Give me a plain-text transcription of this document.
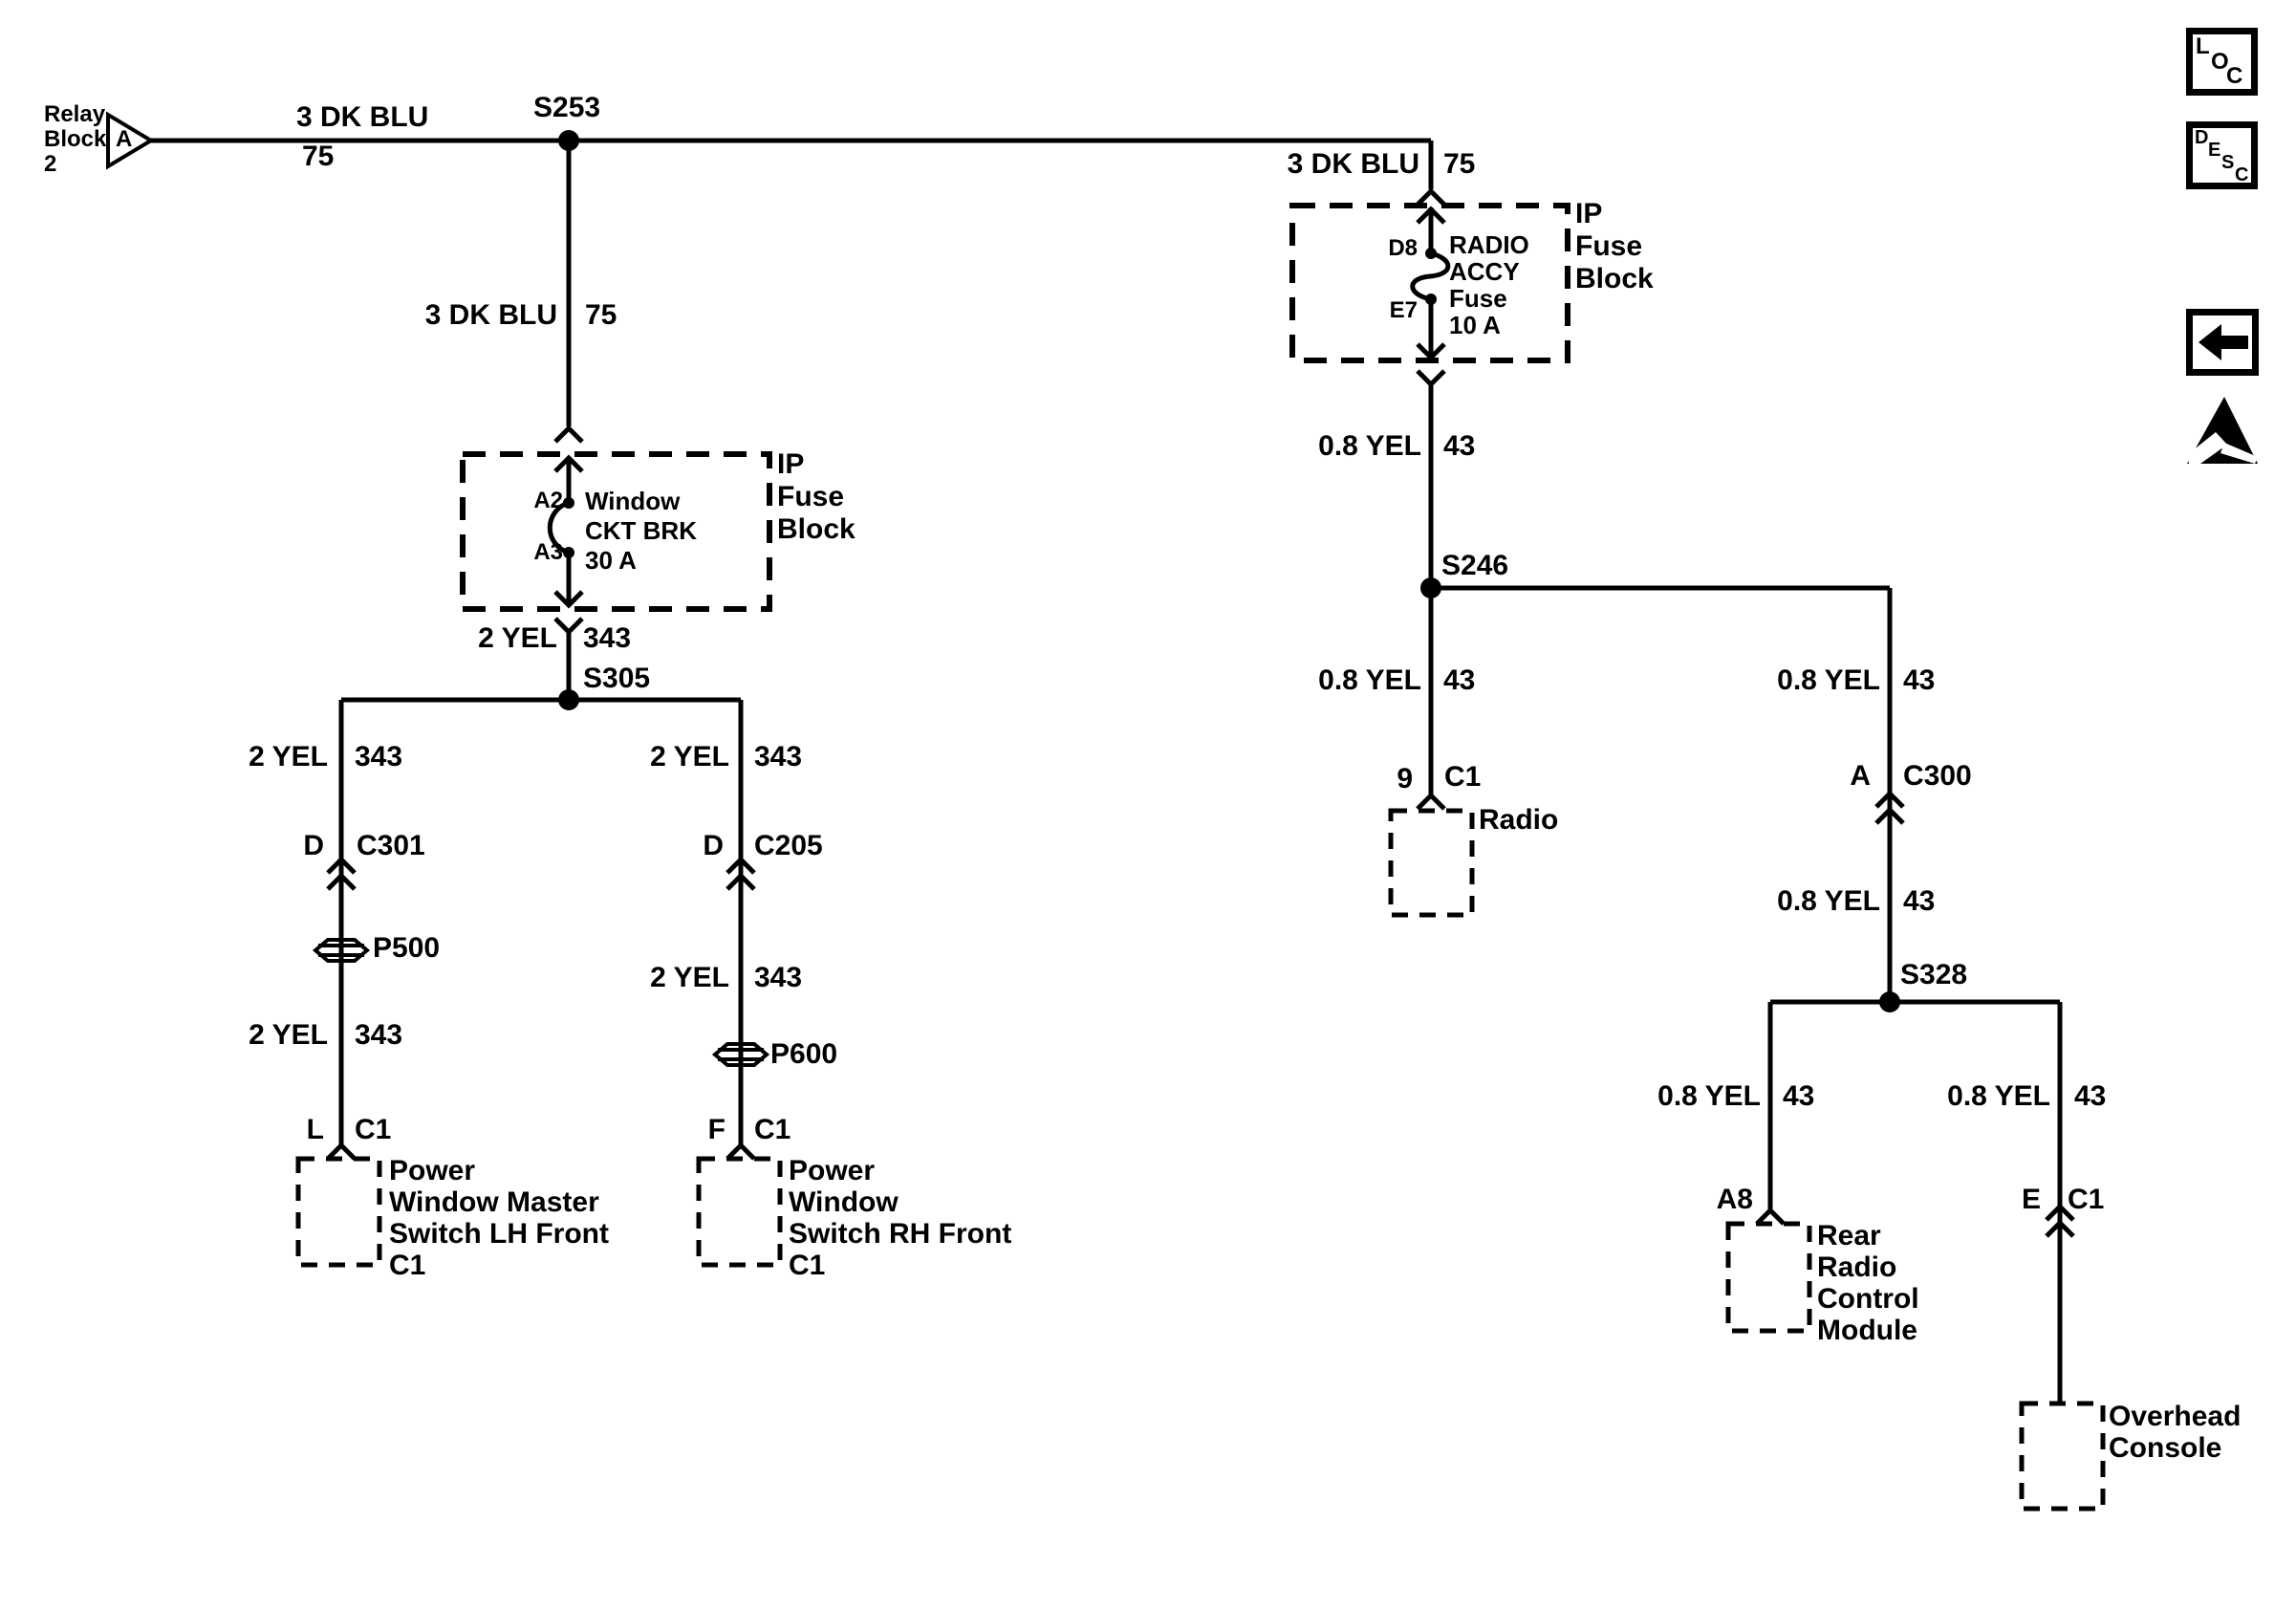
L
O
C
D
E
S
C
Relay
Block
2
A
3 DK BLU
75
S253
3 DK BLU 75
A2
A3
Window
CKT BRK
30 A
IP
Fuse
Block
2 YEL 343
S305
2 YEL 343
D C301
P500
2 YEL 343
L C1
Power
Window Master
Switch LH Front
C1
2 YEL 343
D C205
2 YEL 343
P600
F C1
Power
Window
Switch RH Front
C1
3 DK BLU 75
D8
E7
RADIO
ACCY
Fuse
10 A
IP
Fuse
Block
0.8 YEL 43
S246
0.8 YEL 43
9 C1
Radio
0.8 YEL 43
A C300
0.8 YEL 43
S328
0.8 YEL 43
A8
Rear
Radio
Control
Module
0.8 YEL 43
E C1
Overhead
Console
